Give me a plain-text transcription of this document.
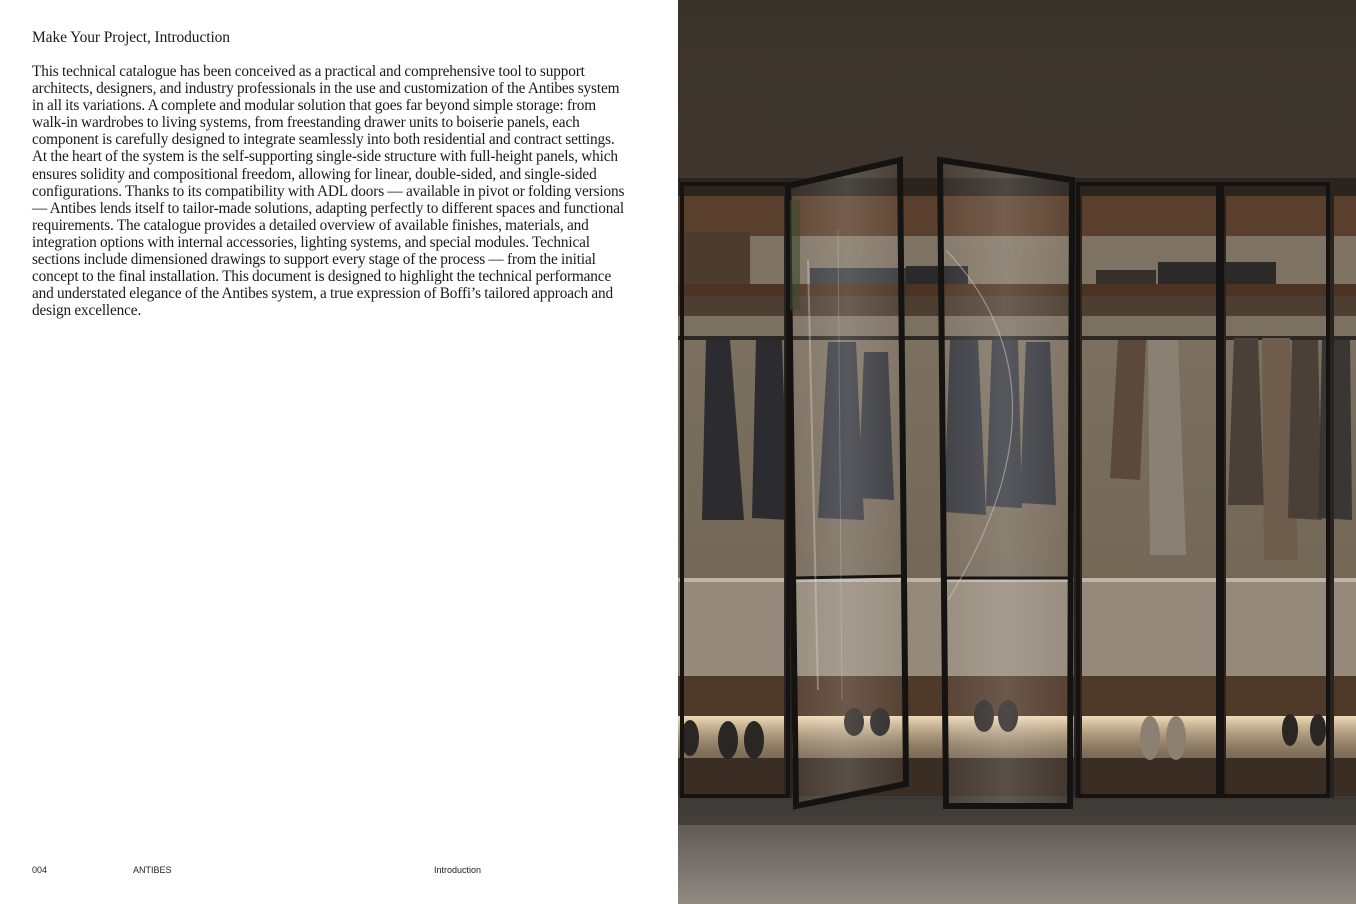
Make Your Project, Introduction

This technical catalogue has been conceived as a practical and comprehensive tool to support architects, designers, and industry professionals in the use and customization of the Antibes system in all its variations. A complete and modular solution that goes far beyond simple storage: from walk-in wardrobes to living systems, from freestanding drawer units to boiserie panels, each component is carefully designed to integrate seamlessly into both residential and contract settings. At the heart of the system is the self-supporting single-side structure with full-height panels, which ensures solidity and compositional freedom, allowing for linear, double-sided, and single-sided configurations. Thanks to its compatibility with ADL doors — available in pivot or folding versions — Antibes lends itself to tailor-made solutions, adapting perfectly to different spaces and functional requirements. The catalogue provides a detailed overview of available finishes, materials, and integration options with internal accessories, lighting systems, and special modules. Technical sections include dimensioned drawings to support every stage of the process — from the initial concept to the final installation. This document is designed to highlight the technical performance and understated elegance of the Antibes system, a true expression of Boffi’s tailored approach and design excellence.

004	ANTIBES	Introduction
